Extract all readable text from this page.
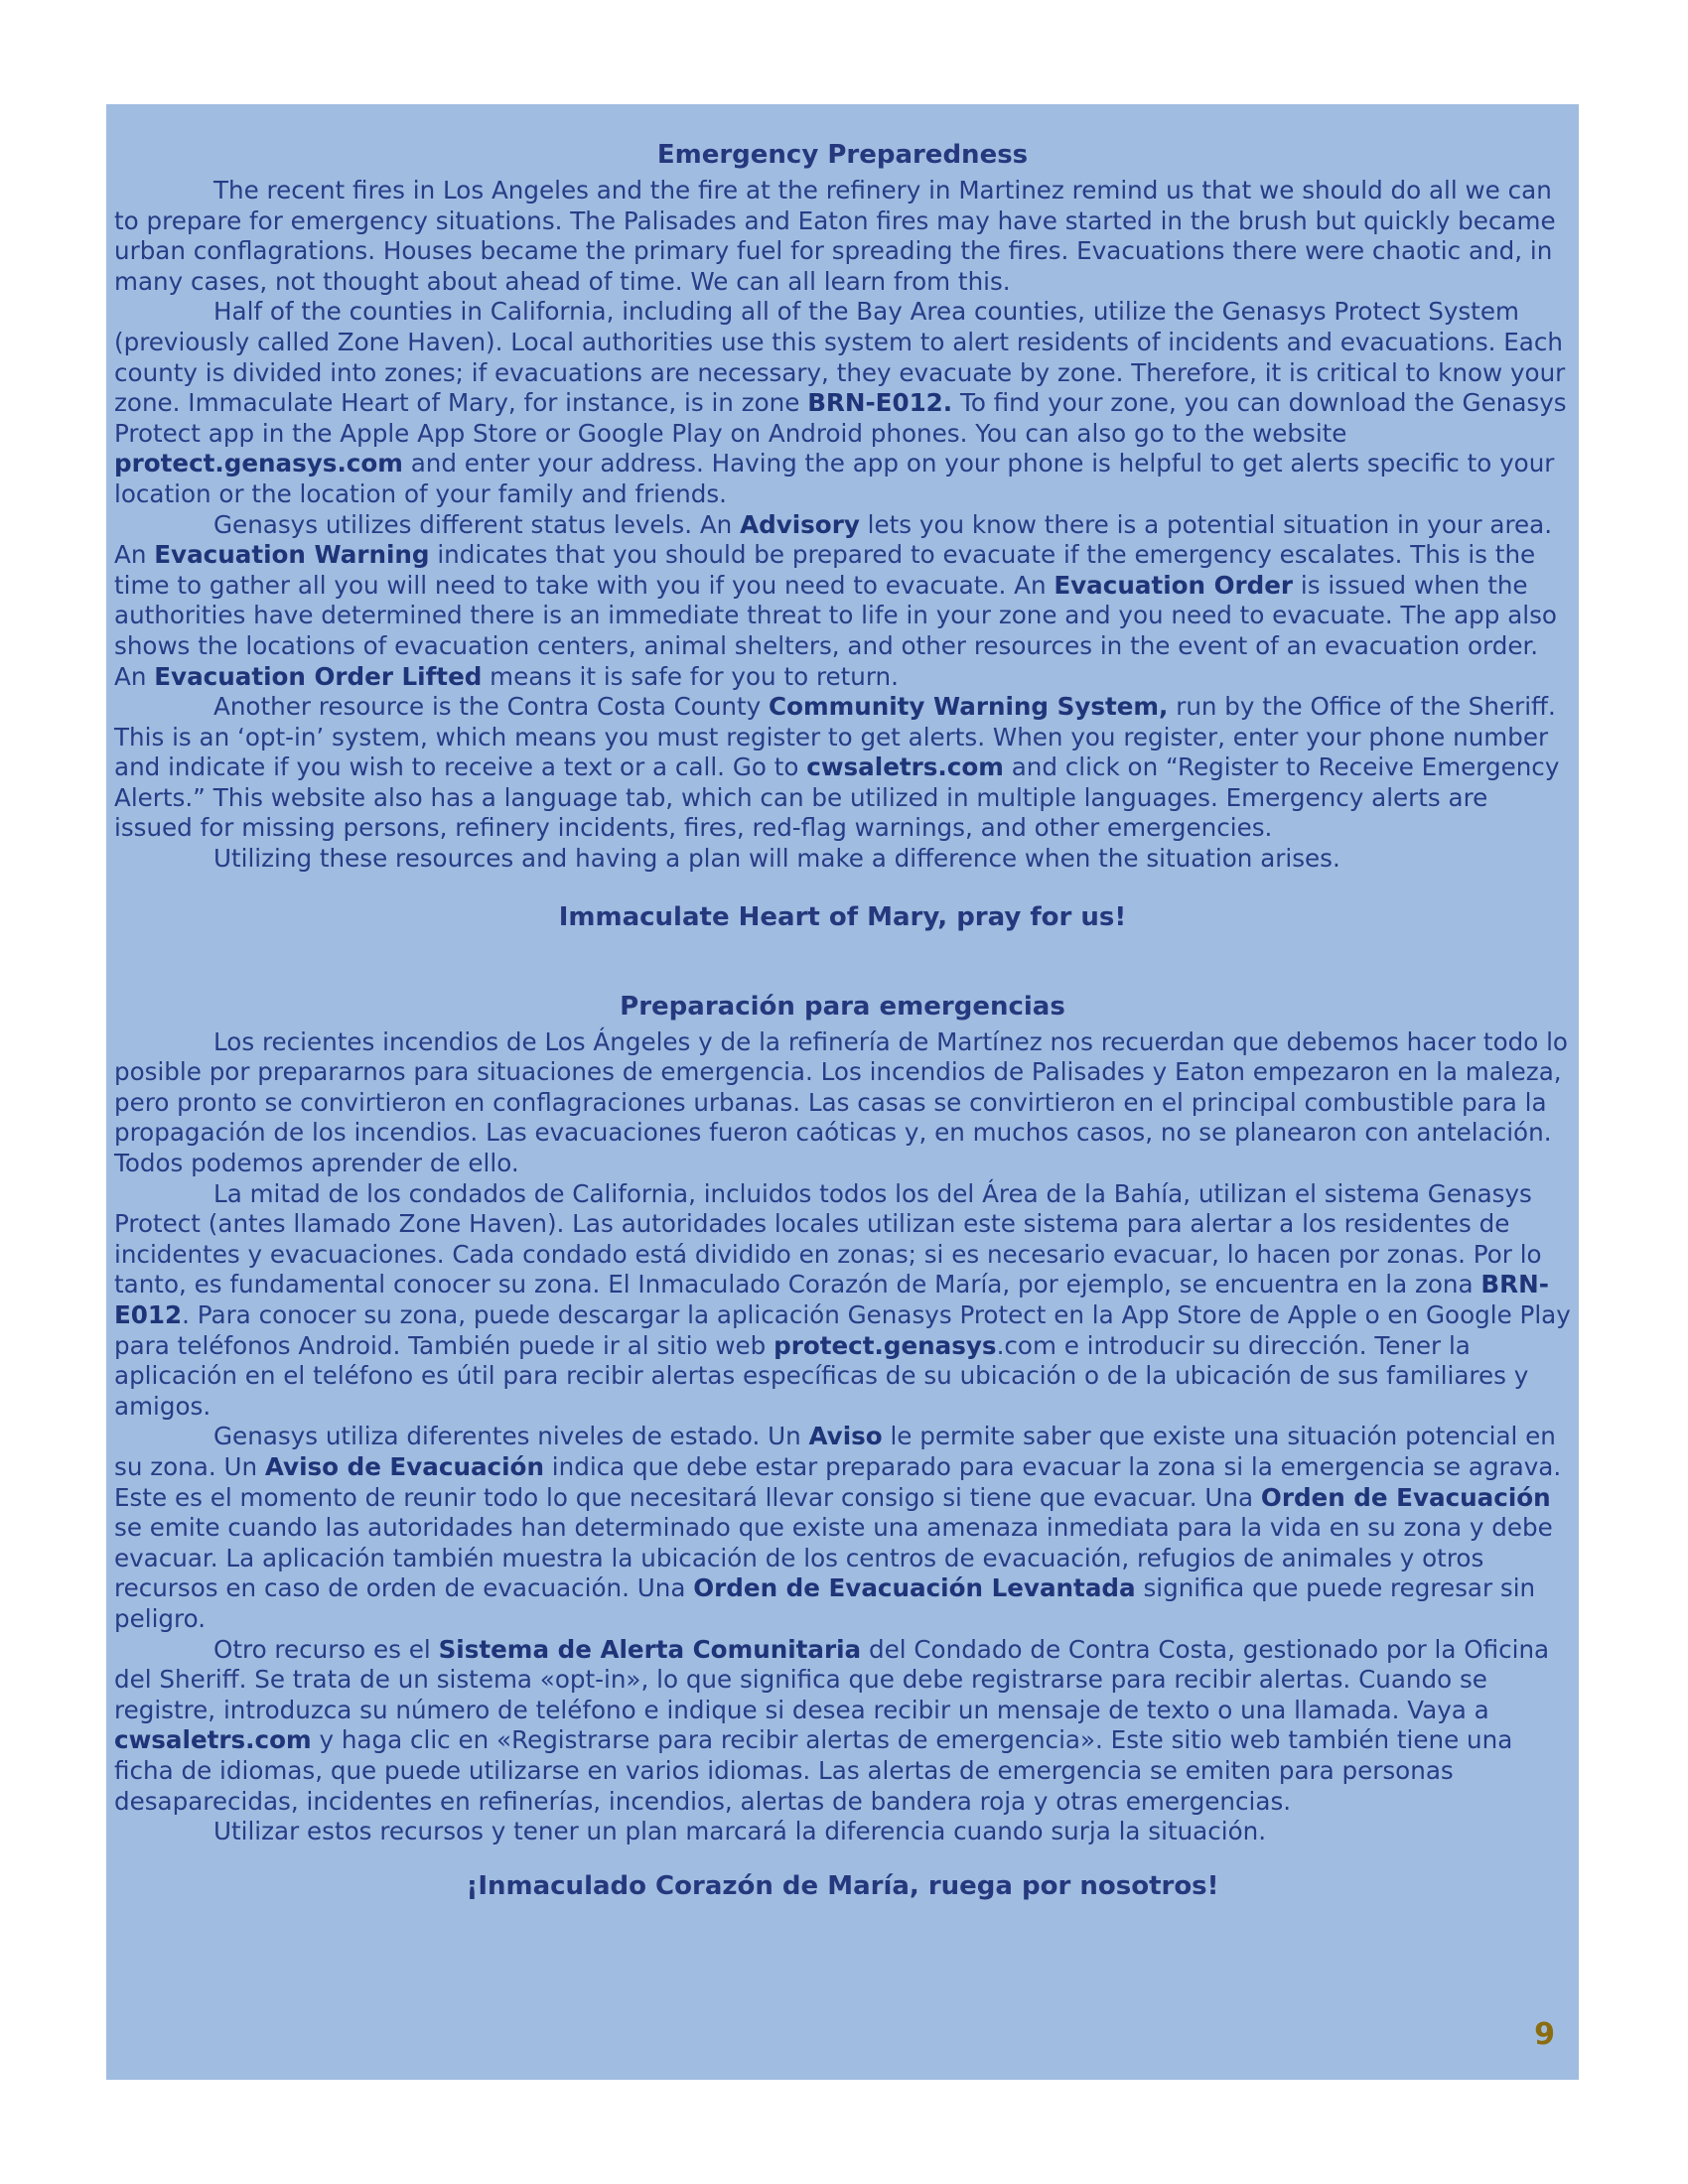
Emergency Preparedness

The recent fires in Los Angeles and the fire at the refinery in Martinez remind us that we should do all we can to prepare for emergency situations. The Palisades and Eaton fires may have started in the brush but quickly became urban conflagrations. Houses became the primary fuel for spreading the fires. Evacuations there were chaotic and, in many cases, not thought about ahead of time. We can all learn from this.

Half of the counties in California, including all of the Bay Area counties, utilize the Genasys Protect System (previously called Zone Haven). Local authorities use this system to alert residents of incidents and evacuations. Each county is divided into zones; if evacuations are necessary, they evacuate by zone. Therefore, it is critical to know your zone. Immaculate Heart of Mary, for instance, is in zone BRN-E012. To find your zone, you can download the Genasys Protect app in the Apple App Store or Google Play on Android phones. You can also go to the website protect.genasys.com and enter your address. Having the app on your phone is helpful to get alerts specific to your location or the location of your family and friends.

Genasys utilizes different status levels. An Advisory lets you know there is a potential situation in your area. An Evacuation Warning indicates that you should be prepared to evacuate if the emergency escalates. This is the time to gather all you will need to take with you if you need to evacuate. An Evacuation Order is issued when the authorities have determined there is an immediate threat to life in your zone and you need to evacuate. The app also shows the locations of evacuation centers, animal shelters, and other resources in the event of an evacuation order. An Evacuation Order Lifted means it is safe for you to return.

Another resource is the Contra Costa County Community Warning System, run by the Office of the Sheriff. This is an ‘opt-in’ system, which means you must register to get alerts. When you register, enter your phone number and indicate if you wish to receive a text or a call. Go to cwsaletrs.com and click on “Register to Receive Emergency Alerts.” This website also has a language tab, which can be utilized in multiple languages. Emergency alerts are issued for missing persons, refinery incidents, fires, red-flag warnings, and other emergencies.

Utilizing these resources and having a plan will make a difference when the situation arises.

Immaculate Heart of Mary, pray for us!

Preparación para emergencias

Los recientes incendios de Los Ángeles y de la refinería de Martínez nos recuerdan que debemos hacer todo lo posible por prepararnos para situaciones de emergencia. Los incendios de Palisades y Eaton empezaron en la maleza, pero pronto se convirtieron en conflagraciones urbanas. Las casas se convirtieron en el principal combustible para la propagación de los incendios. Las evacuaciones fueron caóticas y, en muchos casos, no se planearon con antelación. Todos podemos aprender de ello.

La mitad de los condados de California, incluidos todos los del Área de la Bahía, utilizan el sistema Genasys Protect (antes llamado Zone Haven). Las autoridades locales utilizan este sistema para alertar a los residentes de incidentes y evacuaciones. Cada condado está dividido en zonas; si es necesario evacuar, lo hacen por zonas. Por lo tanto, es fundamental conocer su zona. El Inmaculado Corazón de María, por ejemplo, se encuentra en la zona BRN-E012. Para conocer su zona, puede descargar la aplicación Genasys Protect en la App Store de Apple o en Google Play para teléfonos Android. También puede ir al sitio web protect.genasys.com e introducir su dirección. Tener la aplicación en el teléfono es útil para recibir alertas específicas de su ubicación o de la ubicación de sus familiares y amigos.

Genasys utiliza diferentes niveles de estado. Un Aviso le permite saber que existe una situación potencial en su zona. Un Aviso de Evacuación indica que debe estar preparado para evacuar la zona si la emergencia se agrava. Este es el momento de reunir todo lo que necesitará llevar consigo si tiene que evacuar. Una Orden de Evacuación se emite cuando las autoridades han determinado que existe una amenaza inmediata para la vida en su zona y debe evacuar. La aplicación también muestra la ubicación de los centros de evacuación, refugios de animales y otros recursos en caso de orden de evacuación. Una Orden de Evacuación Levantada significa que puede regresar sin peligro.

Otro recurso es el Sistema de Alerta Comunitaria del Condado de Contra Costa, gestionado por la Oficina del Sheriff. Se trata de un sistema «opt-in», lo que significa que debe registrarse para recibir alertas. Cuando se registre, introduzca su número de teléfono e indique si desea recibir un mensaje de texto o una llamada. Vaya a cwsaletrs.com y haga clic en «Registrarse para recibir alertas de emergencia». Este sitio web también tiene una ficha de idiomas, que puede utilizarse en varios idiomas. Las alertas de emergencia se emiten para personas desaparecidas, incidentes en refinerías, incendios, alertas de bandera roja y otras emergencias.

Utilizar estos recursos y tener un plan marcará la diferencia cuando surja la situación.

¡Inmaculado Corazón de María, ruega por nosotros!

9
